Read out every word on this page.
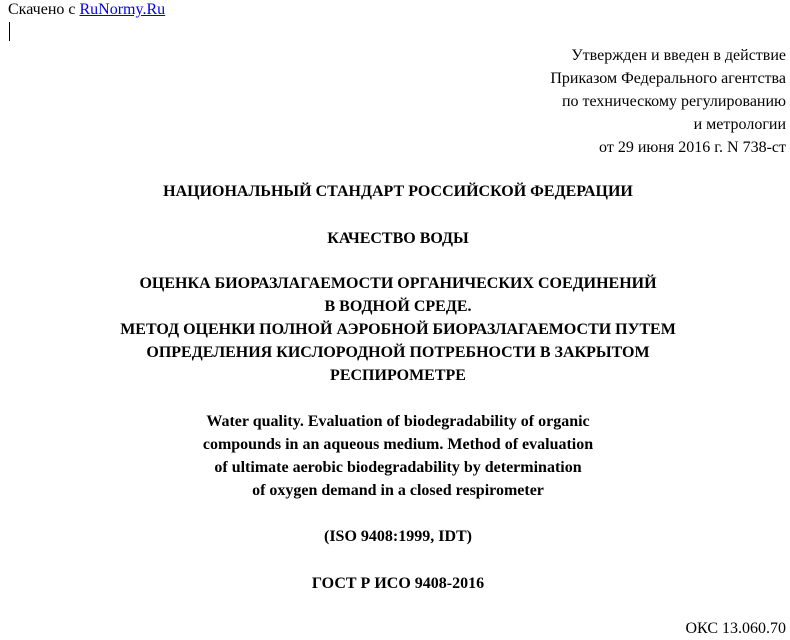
Скачено с RuNormy.Ru
Утвержден и введен в действие
Приказом Федерального агентства
по техническому регулированию
и метрологии
от 29 июня 2016 г. N 738-ст
НАЦИОНАЛЬНЫЙ СТАНДАРТ РОССИЙСКОЙ ФЕДЕРАЦИИ
КАЧЕСТВО ВОДЫ
ОЦЕНКА БИОРАЗЛАГАЕМОСТИ ОРГАНИЧЕСКИХ СОЕДИНЕНИЙ
В ВОДНОЙ СРЕДЕ.
МЕТОД ОЦЕНКИ ПОЛНОЙ АЭРОБНОЙ БИОРАЗЛАГАЕМОСТИ ПУТЕМ
ОПРЕДЕЛЕНИЯ КИСЛОРОДНОЙ ПОТРЕБНОСТИ В ЗАКРЫТОМ
РЕСПИРОМЕТРЕ
Water quality. Evaluation of biodegradability of organic
compounds in an aqueous medium. Method of evaluation
of ultimate aerobic biodegradability by determination
of oxygen demand in a closed respirometer
(ISO 9408:1999, IDT)
ГОСТ Р ИСО 9408-2016
ОКС 13.060.70
